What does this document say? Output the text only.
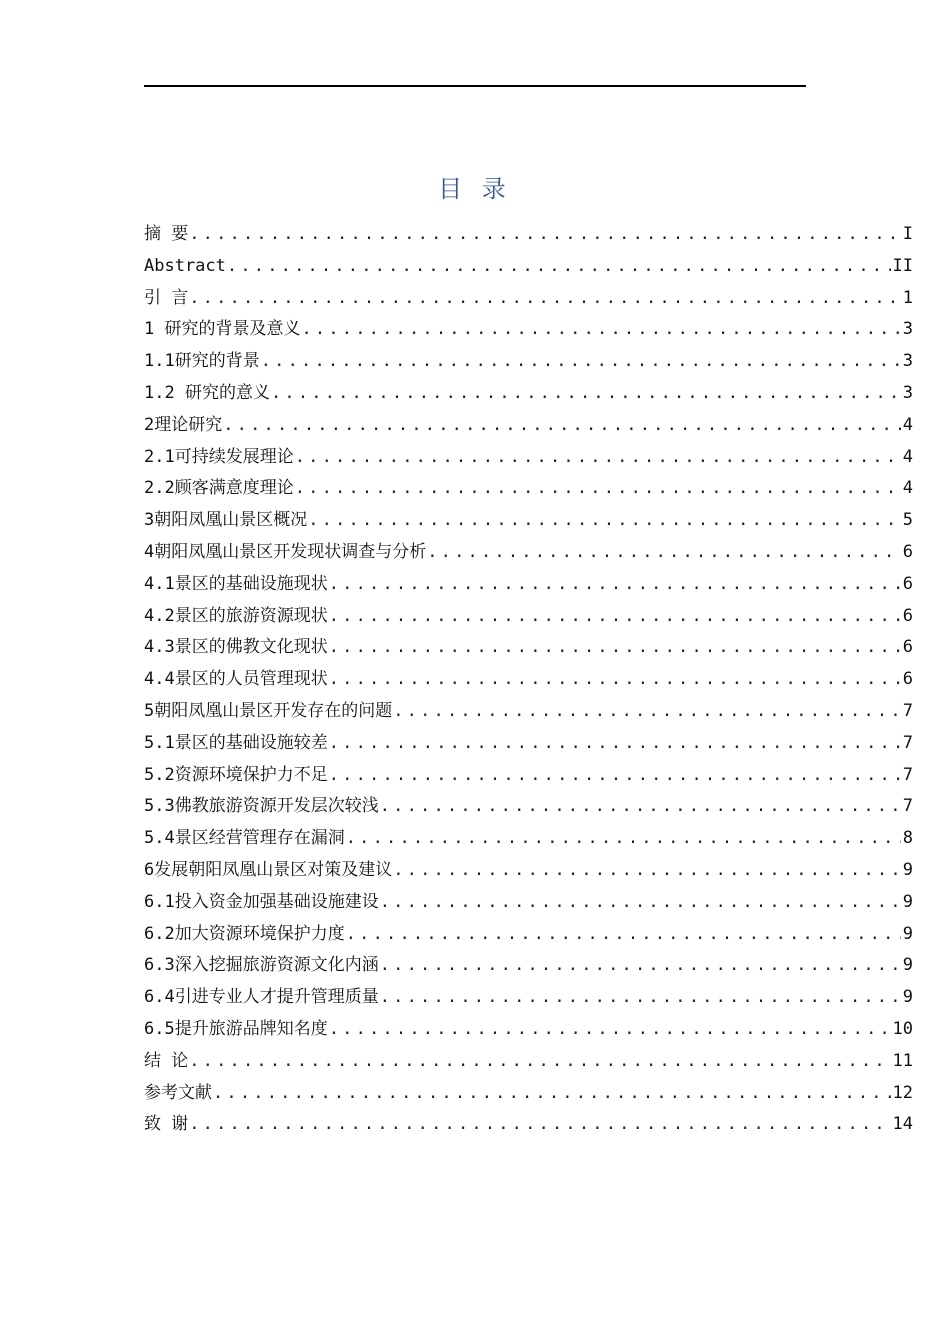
目 录
摘 要 .....	I
Abstract .....	II
引 言 .....	1
1 研究的背景及意义 .....	3
1.1研究的背景 .....	3
1.2 研究的意义 .....	3
2理论研究 .....	4
2.1可持续发展理论 .....	4
2.2顾客满意度理论 .....	4
3朝阳凤凰山景区概况 .....	5
4朝阳凤凰山景区开发现状调查与分析 .....	6
4.1景区的基础设施现状 .....	6
4.2景区的旅游资源现状 .....	6
4.3景区的佛教文化现状 .....	6
4.4景区的人员管理现状 .....	6
5朝阳凤凰山景区开发存在的问题 .....	7
5.1景区的基础设施较差 .....	7
5.2资源环境保护力不足 .....	7
5.3佛教旅游资源开发层次较浅 .....	7
5.4景区经营管理存在漏洞 .....	8
6发展朝阳凤凰山景区对策及建议 .....	9
6.1投入资金加强基础设施建设 .....	9
6.2加大资源环境保护力度 .....	9
6.3深入挖掘旅游资源文化内涵 .....	9
6.4引进专业人才提升管理质量 .....	9
6.5提升旅游品牌知名度 .....	10
结 论 .....	11
参考文献 .....	12
致 谢 .....	14
